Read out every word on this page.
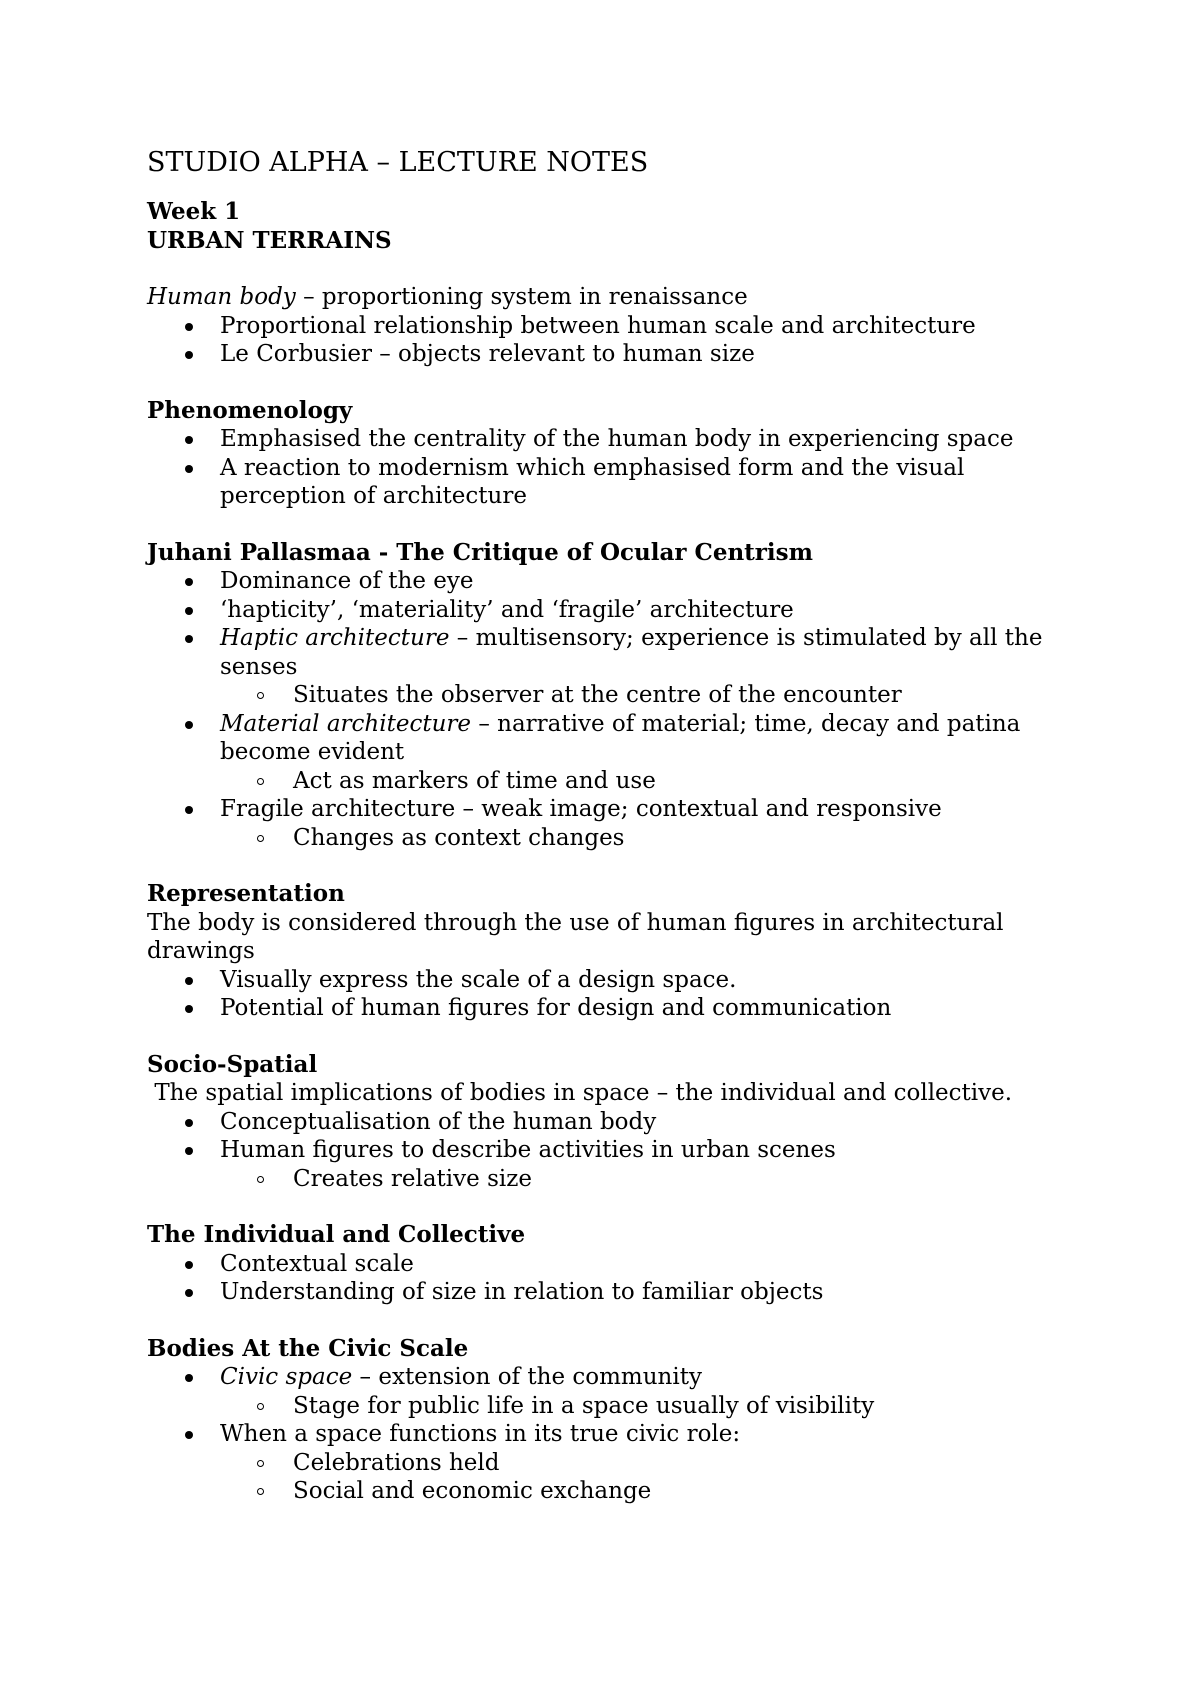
STUDIO ALPHA – LECTURE NOTES

Week 1

URBAN TERRAINS

Human body – proportioning system in renaissance

Proportional relationship between human scale and architecture
Le Corbusier – objects relevant to human size
Phenomenology
Emphasised the centrality of the human body in experiencing space
A reaction to modernism which emphasised form and the visual perception of architecture
Juhani Pallasmaa - The Critique of Ocular Centrism
Dominance of the eye
‘hapticity’, ‘materiality’ and ‘fragile’ architecture
Haptic architecture – multisensory; experience is stimulated by all the senses
Situates the observer at the centre of the encounter
Material architecture – narrative of material; time, decay and patina become evident
Act as markers of time and use
Fragile architecture – weak image; contextual and responsive
Changes as context changes
Representation

The body is considered through the use of human figures in architectural drawings

Visually express the scale of a design space.
Potential of human figures for design and communication
Socio-Spatial

The spatial implications of bodies in space – the individual and collective.

Conceptualisation of the human body
Human figures to describe activities in urban scenes
Creates relative size
The Individual and Collective
Contextual scale
Understanding of size in relation to familiar objects
Bodies At the Civic Scale
Civic space – extension of the community
Stage for public life in a space usually of visibility
When a space functions in its true civic role:
Celebrations held
Social and economic exchange
